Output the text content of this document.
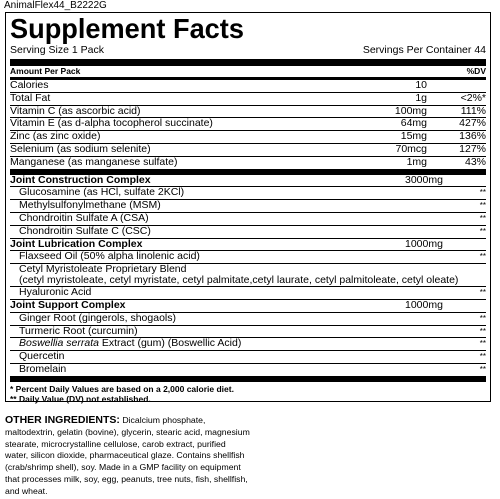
AnimalFlex44_B2222G
Supplement Facts
Serving Size 1 Pack	Servings Per Container 44
Amount Per Pack	%DV
Calories	10
Total Fat	1g	<2%*
Vitamin C (as ascorbic acid)	100mg	111%
Vitamin E (as d-alpha tocopherol succinate)	64mg	427%
Zinc (as zinc oxide)	15mg	136%
Selenium (as sodium selenite)	70mcg	127%
Manganese (as manganese sulfate)	1mg	43%
Joint Construction Complex	3000mg
Glucosamine (as HCl, sulfate 2KCl)	**
Methylsulfonylmethane (MSM)	**
Chondroitin Sulfate A (CSA)	**
Chondroitin Sulfate C (CSC)	**
Joint Lubrication Complex	1000mg
Flaxseed Oil (50% alpha linolenic acid)	**
Cetyl Myristoleate Proprietary Blend
(cetyl myristoleate, cetyl myristate, cetyl palmitate,cetyl laurate, cetyl palmitoleate, cetyl oleate)
Hyaluronic Acid	**
Joint Support Complex	1000mg
Ginger Root (gingerols, shogaols)	**
Turmeric Root (curcumin)	**
Boswellia serrata Extract (gum) (Boswellic Acid)	**
Quercetin	**
Bromelain	**
* Percent Daily Values are based on a 2,000 calorie diet.
** Daily Value (DV) not established.
OTHER INGREDIENTS: Dicalcium phosphate, maltodextrin, gelatin (bovine), glycerin, stearic acid, magnesium stearate, microcrystalline cellulose, carob extract, purified water, silicon dioxide, pharmaceutical glaze. Contains shellfish (crab/shrimp shell), soy. Made in a GMP facility on equipment that processes milk, soy, egg, peanuts, tree nuts, fish, shellfish, and wheat.
